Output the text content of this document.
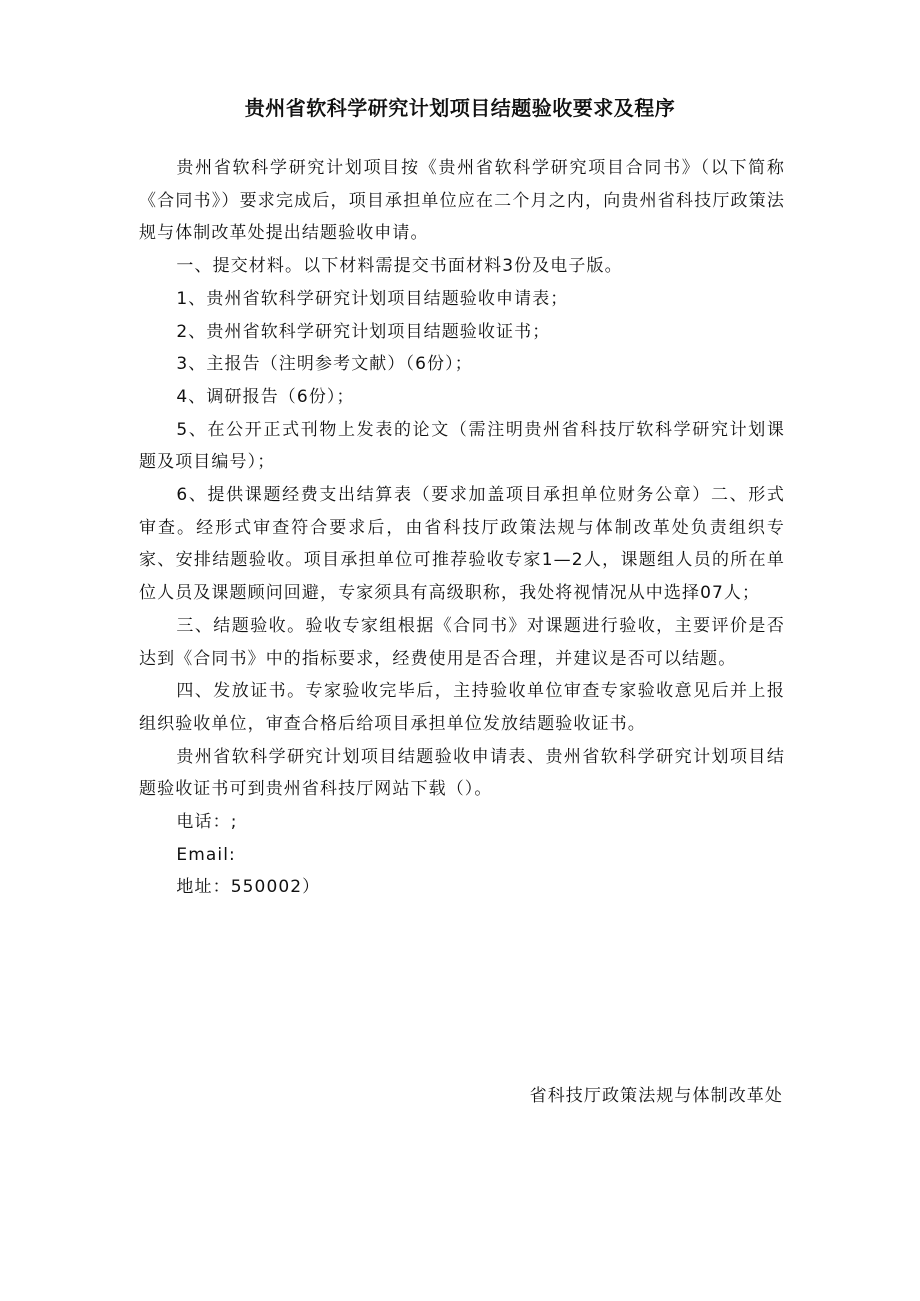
贵州省软科学研究计划项目结题验收要求及程序

贵州省软科学研究计划项目按《贵州省软科学研究项目合同书》（以下简称《合同书》）要求完成后，项目承担单位应在二个月之内，向贵州省科技厅政策法规与体制改革处提出结题验收申请。

一、提交材料。以下材料需提交书面材料3份及电子版。

1、贵州省软科学研究计划项目结题验收申请表；

2、贵州省软科学研究计划项目结题验收证书；

3、主报告（注明参考文献）（6份）；

4、调研报告（6份）；

5、在公开正式刊物上发表的论文（需注明贵州省科技厅软科学研究计划课题及项目编号）；

6、提供课题经费支出结算表（要求加盖项目承担单位财务公章）二、形式审查。经形式审查符合要求后，由省科技厅政策法规与体制改革处负责组织专家、安排结题验收。项目承担单位可推荐验收专家1—2人，课题组人员的所在单位人员及课题顾问回避，专家须具有高级职称，我处将视情况从中选择07人；

三、结题验收。验收专家组根据《合同书》对课题进行验收，主要评价是否达到《合同书》中的指标要求，经费使用是否合理，并建议是否可以结题。

四、发放证书。专家验收完毕后，主持验收单位审查专家验收意见后并上报组织验收单位，审查合格后给项目承担单位发放结题验收证书。

贵州省软科学研究计划项目结题验收申请表、贵州省软科学研究计划项目结题验收证书可到贵州省科技厅网站下载（）。

电话：;

Email:

地址：550002）

省科技厅政策法规与体制改革处
